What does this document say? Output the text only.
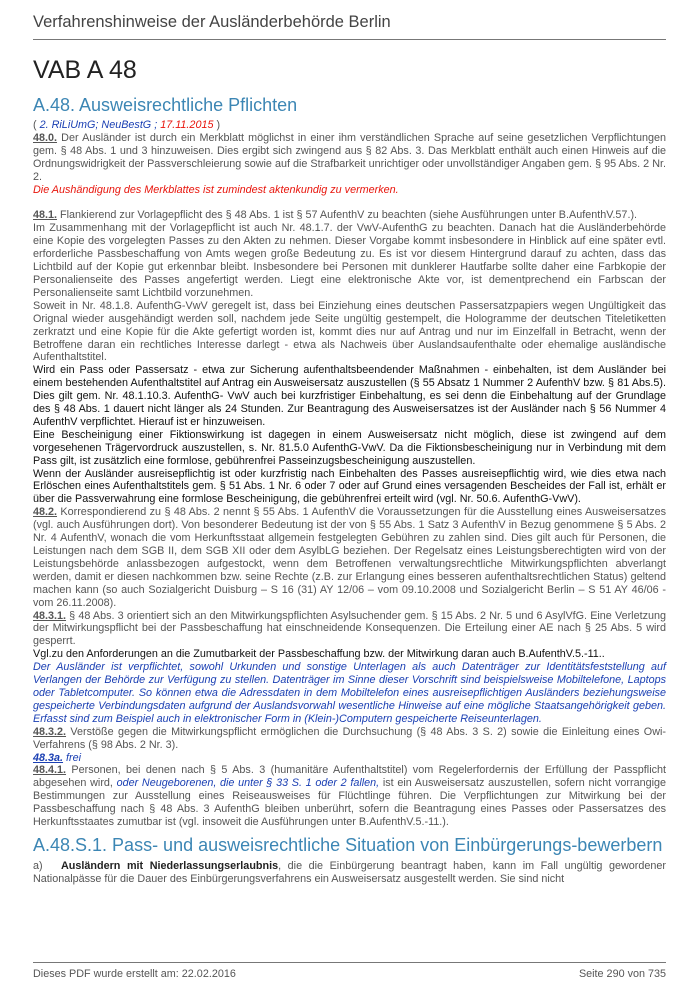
Verfahrenshinweise der Ausländerbehörde Berlin
VAB A 48
A.48. Ausweisrechtliche Pflichten

( 2. RiLiUmG; NeuBestG ; 17.11.2015 )

48.0. Der Ausländer ist durch ein Merkblatt möglichst in einer ihm verständlichen Sprache auf seine gesetzlichen Verpflichtungen gem. § 48 Abs. 1 und 3 hinzuweisen. Dies ergibt sich zwingend aus § 82 Abs. 3. Das Merkblatt enthält auch einen Hinweis auf die Ordnungswidrigkeit der Passverschleierung sowie auf die Strafbarkeit unrichtiger oder unvollständiger Angaben gem. § 95 Abs. 2 Nr. 2.

Die Aushändigung des Merkblattes ist zumindest aktenkundig zu vermerken.

48.1. Flankierend zur Vorlagepflicht des § 48 Abs. 1 ist § 57 AufenthV zu beachten (siehe Ausführungen unter B.AufenthV.57.).

Im Zusammenhang mit der Vorlagepflicht ist auch Nr. 48.1.7. der VwV-AufenthG zu beachten. Danach hat die Ausländerbehörde eine Kopie des vorgelegten Passes zu den Akten zu nehmen. Dieser Vorgabe kommt insbesondere in Hinblick auf eine später evtl. erforderliche Passbeschaffung von Amts wegen große Bedeutung zu. Es ist vor diesem Hintergrund darauf zu achten, dass das Lichtbild auf der Kopie gut erkennbar bleibt. Insbesondere bei Personen mit dunklerer Hautfarbe sollte daher eine Farbkopie der Personalienseite des Passes angefertigt werden. Liegt eine elektronische Akte vor, ist dementprechend ein Farbscan der Personalienseite samt Lichtbild vorzunehmen.

Soweit in Nr. 48.1.8. AufenthG-VwV geregelt ist, dass bei Einziehung eines deutschen Passersatzpapiers wegen Ungültigkeit das Orignal wieder ausgehändigt werden soll, nachdem jede Seite ungültig gestempelt, die Hologramme der deutschen Titeletiketten zerkratzt und eine Kopie für die Akte gefertigt worden ist, kommt dies nur auf Antrag und nur im Einzelfall in Betracht, wenn der Betroffene daran ein rechtliches Interesse darlegt - etwa als Nachweis über Auslandsaufenthalte oder ehemalige ausländische Aufenthaltstitel.

Wird ein Pass oder Passersatz - etwa zur Sicherung aufenthaltsbeendender Maßnahmen - einbehalten, ist dem Ausländer bei einem bestehenden Aufenthaltstitel auf Antrag ein Ausweisersatz auszustellen (§ 55 Absatz 1 Nummer 2 AufenthV bzw. § 81 Abs.5). Dies gilt gem. Nr. 48.1.10.3. AufenthG- VwV auch bei kurzfristiger Einbehaltung, es sei denn die Einbehaltung auf der Grundlage des § 48 Abs. 1 dauert nicht länger als 24 Stunden. Zur Beantragung des Ausweisersatzes ist der Ausländer nach § 56 Nummer 4 AufenthV verpflichtet. Hierauf ist er hinzuweisen.

Eine Bescheinigung einer Fiktionswirkung ist dagegen in einem Ausweisersatz nicht möglich, diese ist zwingend auf dem vorgesehenen Trägervordruck auszustellen, s. Nr. 81.5.0 AufenthG-VwV. Da die Fiktionsbescheinigung nur in Verbindung mit dem Pass gilt, ist zusätzlich eine formlose, gebührenfrei Passeinzugsbescheinigung auszustellen.

Wenn der Ausländer ausreisepflichtig ist oder kurzfristig nach Einbehalten des Passes ausreisepflichtig wird, wie dies etwa nach Erlöschen eines Aufenthaltstitels gem. § 51 Abs. 1 Nr. 6 oder 7 oder auf Grund eines versagenden Bescheides der Fall ist, erhält er über die Passverwahrung eine formlose Bescheinigung, die gebührenfrei erteilt wird (vgl. Nr. 50.6. AufenthG-VwV).

48.2. Korrespondierend zu § 48 Abs. 2 nennt § 55 Abs. 1 AufenthV die Voraussetzungen für die Ausstellung eines Ausweisersatzes (vgl. auch Ausführungen dort). Von besonderer Bedeutung ist der von § 55 Abs. 1 Satz 3 AufenthV in Bezug genommene § 5 Abs. 2 Nr. 4 AufenthV, wonach die vom Herkunftsstaat allgemein festgelegten Gebühren zu zahlen sind. Dies gilt auch für Personen, die Leistungen nach dem SGB II, dem SGB XII oder dem AsylbLG beziehen. Der Regelsatz eines Leistungsberechtigten wird von der Leistungsbehörde anlassbezogen aufgestockt, wenn dem Betroffenen verwaltungsrechtliche Mitwirkungspflichten abverlangt werden, damit er diesen nachkommen bzw. seine Rechte (z.B. zur Erlangung eines besseren aufenthaltsrechtlichen Status) geltend machen kann (so auch Sozialgericht Duisburg – S 16 (31) AY 12/06 – vom 09.10.2008 und Sozialgericht Berlin – S 51 AY 46/06 - vom 26.11.2008).

48.3.1. § 48 Abs. 3 orientiert sich an den Mitwirkungspflichten Asylsuchender gem. § 15 Abs. 2 Nr. 5 und 6 AsylVfG. Eine Verletzung der Mitwirkungspflicht bei der Passbeschaffung hat einschneidende Konsequenzen. Die Erteilung einer AE nach § 25 Abs. 5 wird gesperrt.

Vgl.zu den Anforderungen an die Zumutbarkeit der Passbeschaffung bzw. der Mitwirkung daran auch B.AufenthV.5.-11..

Der Ausländer ist verpflichtet, sowohl Urkunden und sonstige Unterlagen als auch Datenträger zur Identitätsfeststellung auf Verlangen der Behörde zur Verfügung zu stellen. Datenträger im Sinne dieser Vorschrift sind beispielsweise Mobiltelefone, Laptops oder Tabletcomputer. So können etwa die Adressdaten in dem Mobiltelefon eines ausreisepflichtigen Ausländers beziehungsweise gespeicherte Verbindungsdaten aufgrund der Auslandsvorwahl wesentliche Hinweise auf eine mögliche Staatsangehörigkeit geben. Erfasst sind zum Beispiel auch in elektronischer Form in (Klein-)Computern gespeicherte Reiseunterlagen.

48.3.2. Verstöße gegen die Mitwirkungspflicht ermöglichen die Durchsuchung (§ 48 Abs. 3 S. 2) sowie die Einleitung eines Owi-Verfahrens (§ 98 Abs. 2 Nr. 3).

48.3a. frei

48.4.1. Personen, bei denen nach § 5 Abs. 3 (humanitäre Aufenthaltstitel) vom Regelerfordernis der Erfüllung der Passpflicht abgesehen wird, oder Neugeborenen, die unter § 33 S. 1 oder 2 fallen, ist ein Ausweisersatz auszustellen, sofern nicht vorrangige Bestimmungen zur Ausstellung eines Reiseausweises für Flüchtlinge führen. Die Verpflichtungen zur Mitwirkung bei der Passbeschaffung nach § 48 Abs. 3 AufenthG bleiben unberührt, sofern die Beantragung eines Passes oder Passersatzes des Herkunftsstaates zumutbar ist (vgl. insoweit die Ausführungen unter B.AufenthV.5.-11.).

A.48.S.1. Pass- und ausweisrechtliche Situation von Einbürgerungs-bewerbern

a) Ausländern mit Niederlassungserlaubnis, die die Einbürgerung beantragt haben, kann im Fall ungültig gewordener Nationalpässe für die Dauer des Einbürgerungsverfahrens ein Ausweisersatz ausgestellt werden. Sie sind nicht

Dieses PDF wurde erstellt am: 22.02.2016	Seite 290 von 735
